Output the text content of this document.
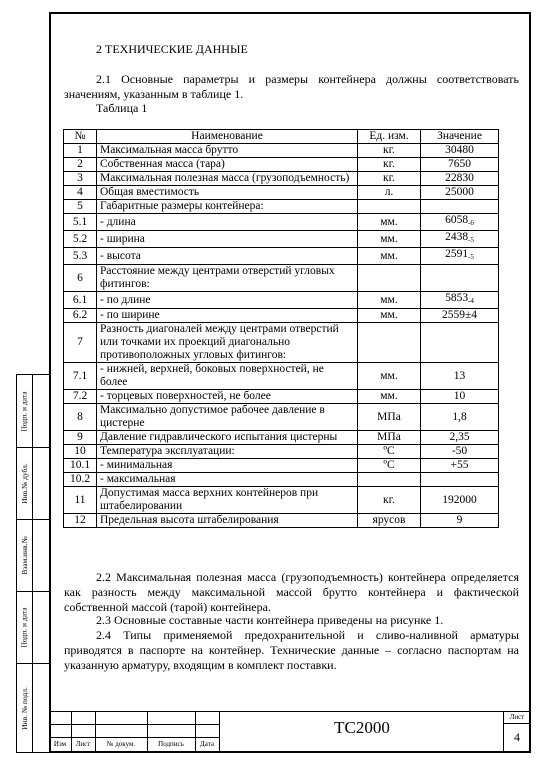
2 ТЕХНИЧЕСКИЕ ДАННЫЕ
2.1 Основные параметры и размеры контейнера должны соответствовать значениям, указанным в таблице 1.
Таблица 1
№	Наименование	Ед. изм.	Значение
1	Максимальная масса брутто	кг.	30480
2	Собственная масса (тара)	кг.	7650
3	Максимальная полезная масса (грузоподъемность)	кг.	22830
4	Общая вместимость	л.	25000
5	Габаритные размеры контейнера:		
5.1	- длина	мм.	$6058_{-6}$
5.2	- ширина	мм.	$2438_{-5}$
5.3	- высота	мм.	$2591_{-5}$
6	Расстояние между центрами отверстий угловых фитингов:		
6.1	- по длине	мм.	$5853_{-4}$
6.2	- по ширине	мм.	2559±4
7	Разность диагоналей между центрами отверстий или точками их проекций диагонально противоположных угловых фитингов:		
7.1	- нижней, верхней, боковых поверхностей, не более	мм.	13
7.2	- торцевых поверхностей, не более	мм.	10
8	Максимально допустимое рабочее давление в цистерне	МПа	1,8
9	Давление гидравлического испытания цистерны	МПа	2,35
10	Температура эксплуатации:	ºC	-50
10.1	- минимальная	ºC	+55
10.2	- максимальная		
11	Допустимая масса верхних контейнеров при штабелировании	кг.	192000
12	Предельная высота штабелирования	ярусов	9
2.2 Максимальная полезная масса (грузоподъемность) контейнера определяется как разность между максимальной массой брутто контейнера и фактической собственной массой (тарой) контейнера.
2.3 Основные составные части контейнера приведены на рисунке 1.
2.4 Типы применяемой предохранительной и сливо-наливной арматуры приводятся в паспорте на контейнер. Технические данные – согласно паспортам на указанную арматуру, входящим в комплект поставки.
Инв. № подл.
Подп. и дата
Взам.инв.№
Инв.№ дубл.
Подп. и дата
Изм	Лист	№ докум.	Подпись	Дата
Лист
4
ТС2000
